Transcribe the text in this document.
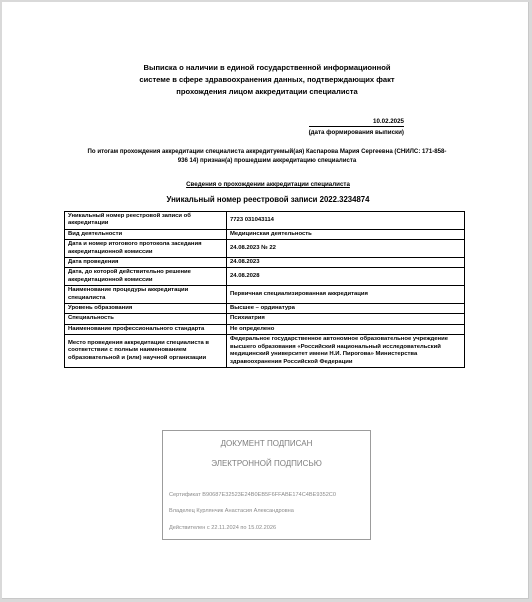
Выписка о наличии в единой государственной информационной
системе в сфере здравоохранения данных, подтверждающих факт
прохождения лицом аккредитации специалиста
10.02.2025
(дата формирования выписки)
По итогам прохождения аккредитации специалиста аккредитуемый(ая) Каспарова Мария Сергеевна (СНИЛС: 171-858-
936 14) признан(а) прошедшим аккредитацию специалиста
Сведения о прохождении аккредитации специалиста
Уникальный номер реестровой записи 2022.3234874
Уникальный номер реестровой записи об аккредитации	7723 031043114
Вид деятельности	Медицинская деятельность
Дата и номер итогового протокола заседания аккредитационной комиссии	24.08.2023 № 22
Дата проведения	24.08.2023
Дата, до которой действительно решение аккредитационной комиссии	24.08.2028
Наименование процедуры аккредитации специалиста	Первичная специализированная аккредитация
Уровень образования	Высшее – ординатура
Специальность	Психиатрия
Наименование профессионального стандарта	Не определено
Место проведения аккредитации специалиста в соответствии с полным наименованием образовательной и (или) научной организации	Федеральное государственное автономное образовательное учреждение высшего образования «Российский национальный исследовательский медицинский университет имени Н.И. Пирогова» Министерства здравоохранения Российской Федерации
ДОКУМЕНТ ПОДПИСАН
ЭЛЕКТРОННОЙ ПОДПИСЬЮ
Сертификат B90687E32523E24B0EB5F6FFABE174C4BE9352C0
Владелец Курлянчик Анастасия Александровна
Действителен с 22.11.2024 по 15.02.2026
